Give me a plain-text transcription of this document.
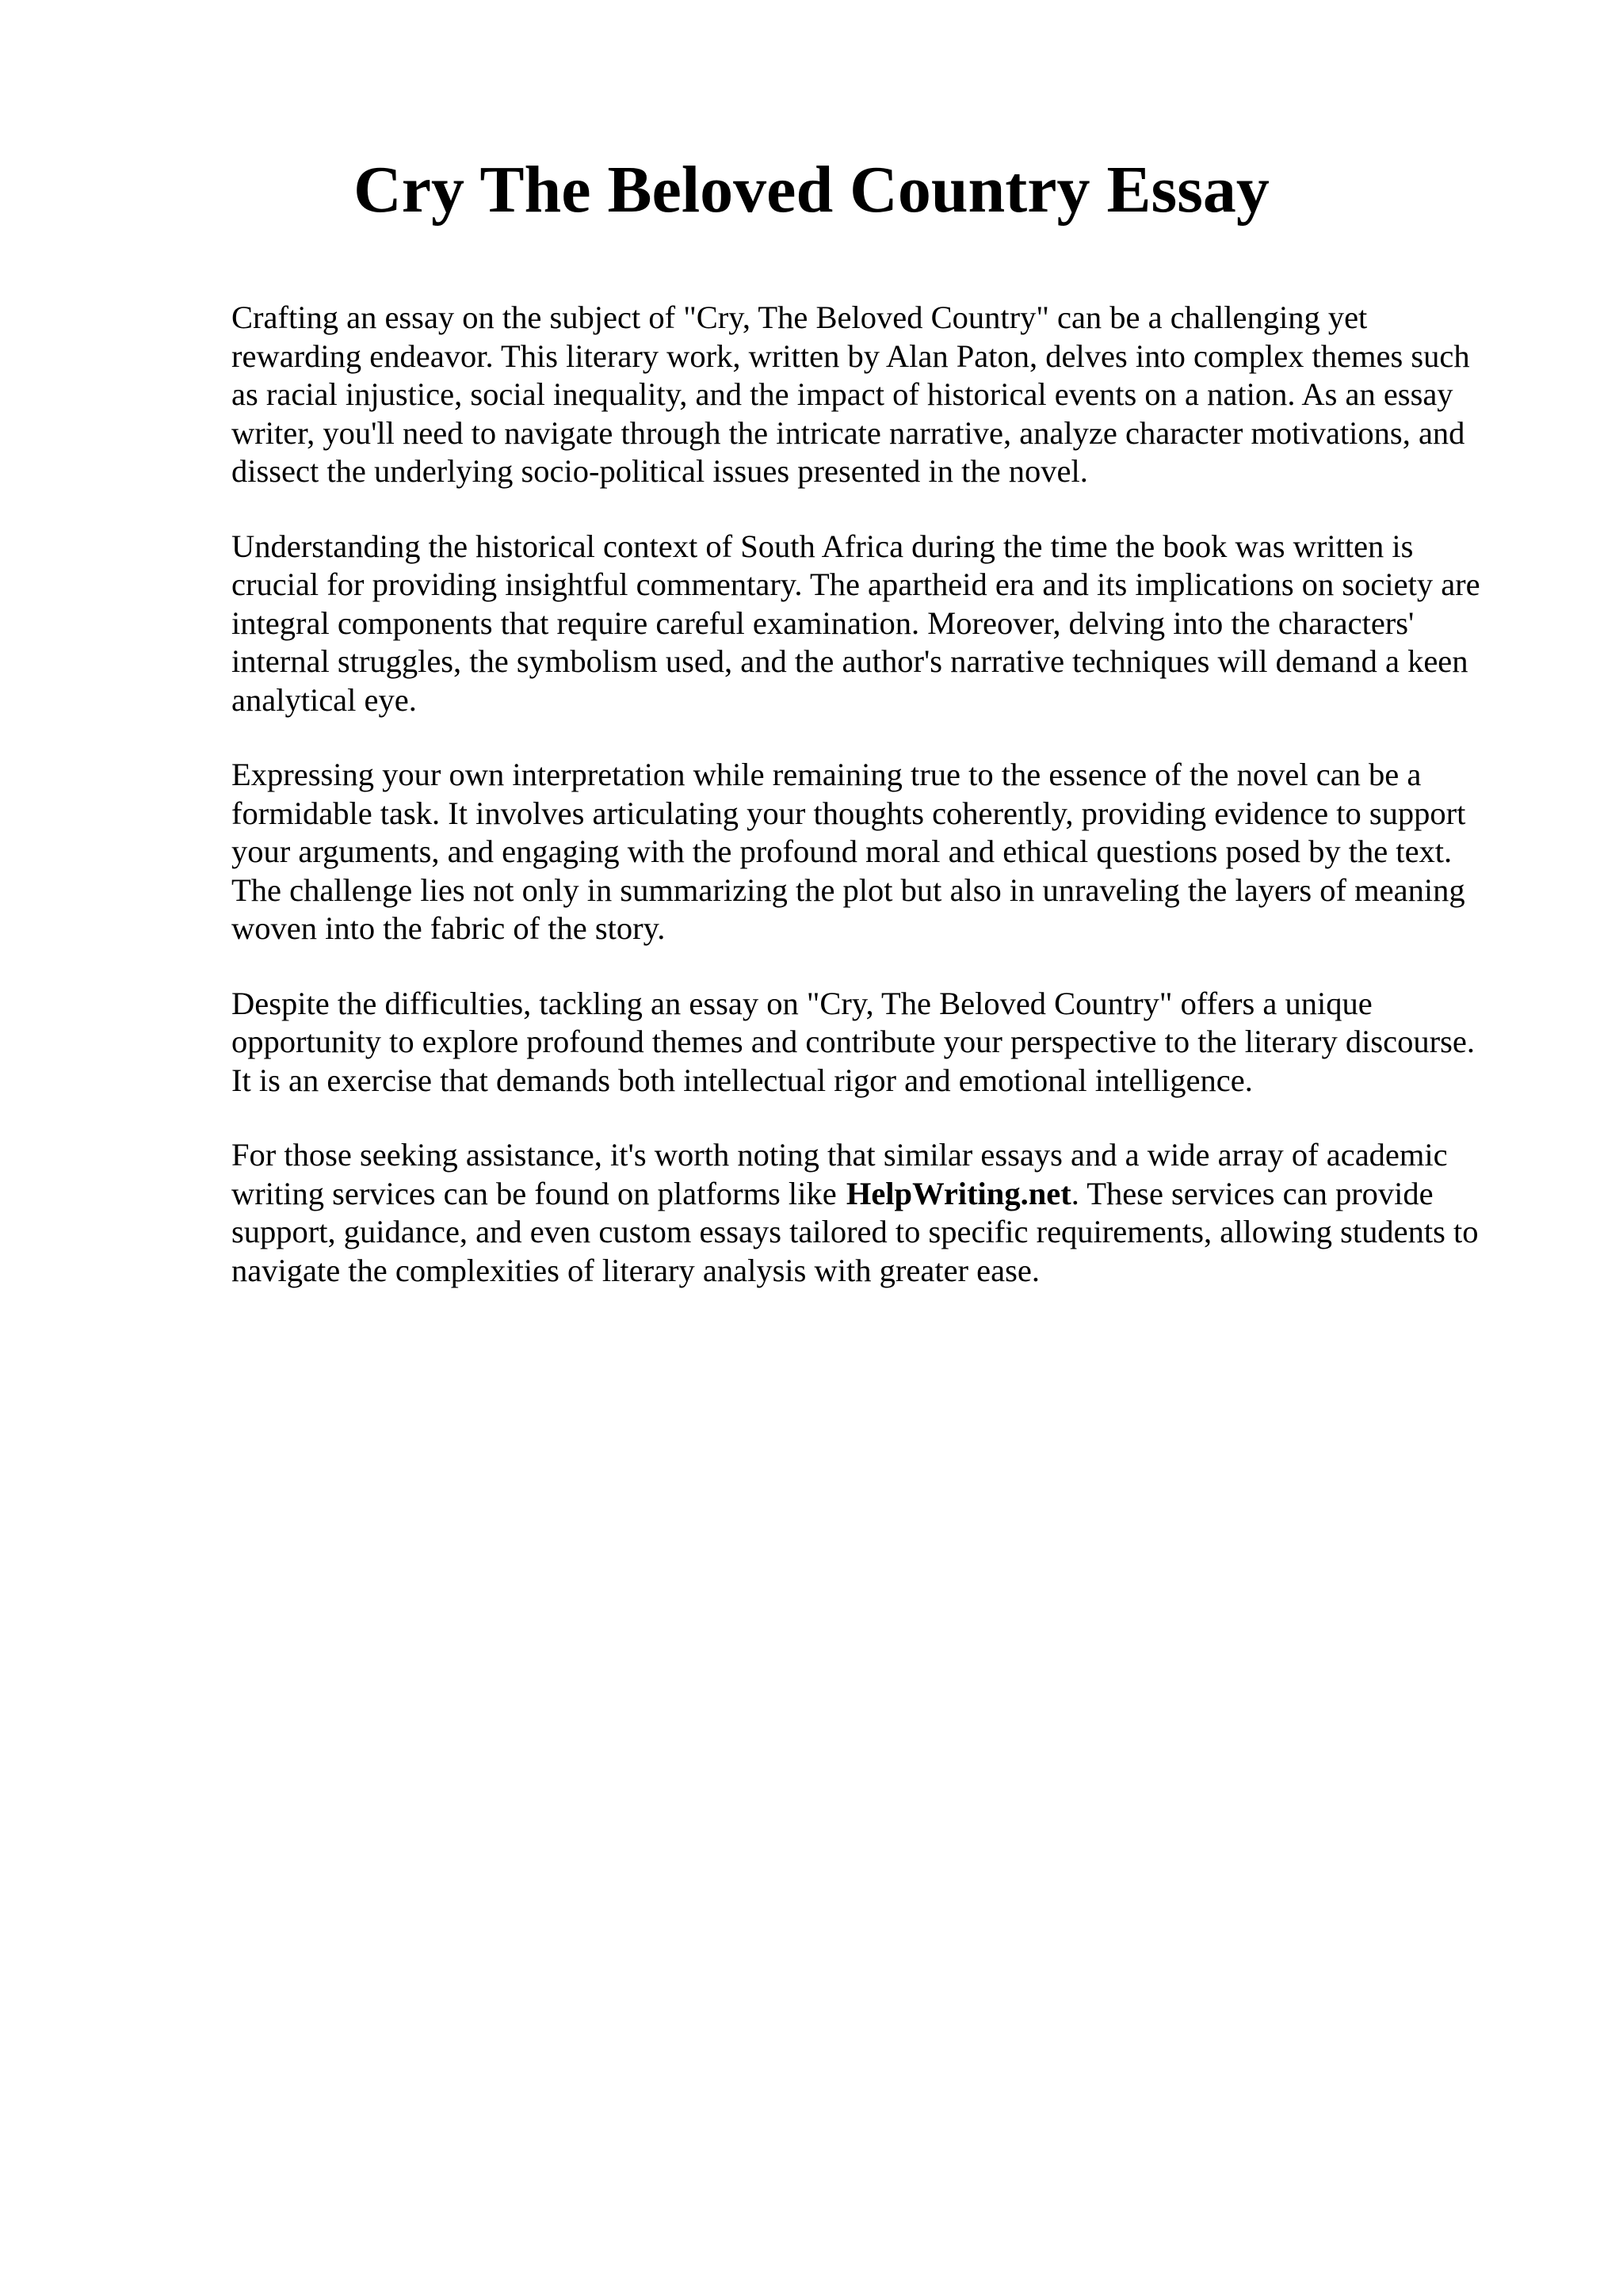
Cry The Beloved Country Essay

Crafting an essay on the subject of "Cry, The Beloved Country" can be a challenging yet
rewarding endeavor. This literary work, written by Alan Paton, delves into complex themes such
as racial injustice, social inequality, and the impact of historical events on a nation. As an essay
writer, you'll need to navigate through the intricate narrative, analyze character motivations, and
dissect the underlying socio-political issues presented in the novel.

Understanding the historical context of South Africa during the time the book was written is
crucial for providing insightful commentary. The apartheid era and its implications on society are
integral components that require careful examination. Moreover, delving into the characters'
internal struggles, the symbolism used, and the author's narrative techniques will demand a keen
analytical eye.

Expressing your own interpretation while remaining true to the essence of the novel can be a
formidable task. It involves articulating your thoughts coherently, providing evidence to support
your arguments, and engaging with the profound moral and ethical questions posed by the text.
The challenge lies not only in summarizing the plot but also in unraveling the layers of meaning
woven into the fabric of the story.

Despite the difficulties, tackling an essay on "Cry, The Beloved Country" offers a unique
opportunity to explore profound themes and contribute your perspective to the literary discourse.
It is an exercise that demands both intellectual rigor and emotional intelligence.

For those seeking assistance, it's worth noting that similar essays and a wide array of academic
writing services can be found on platforms like HelpWriting.net. These services can provide
support, guidance, and even custom essays tailored to specific requirements, allowing students to
navigate the complexities of literary analysis with greater ease.
